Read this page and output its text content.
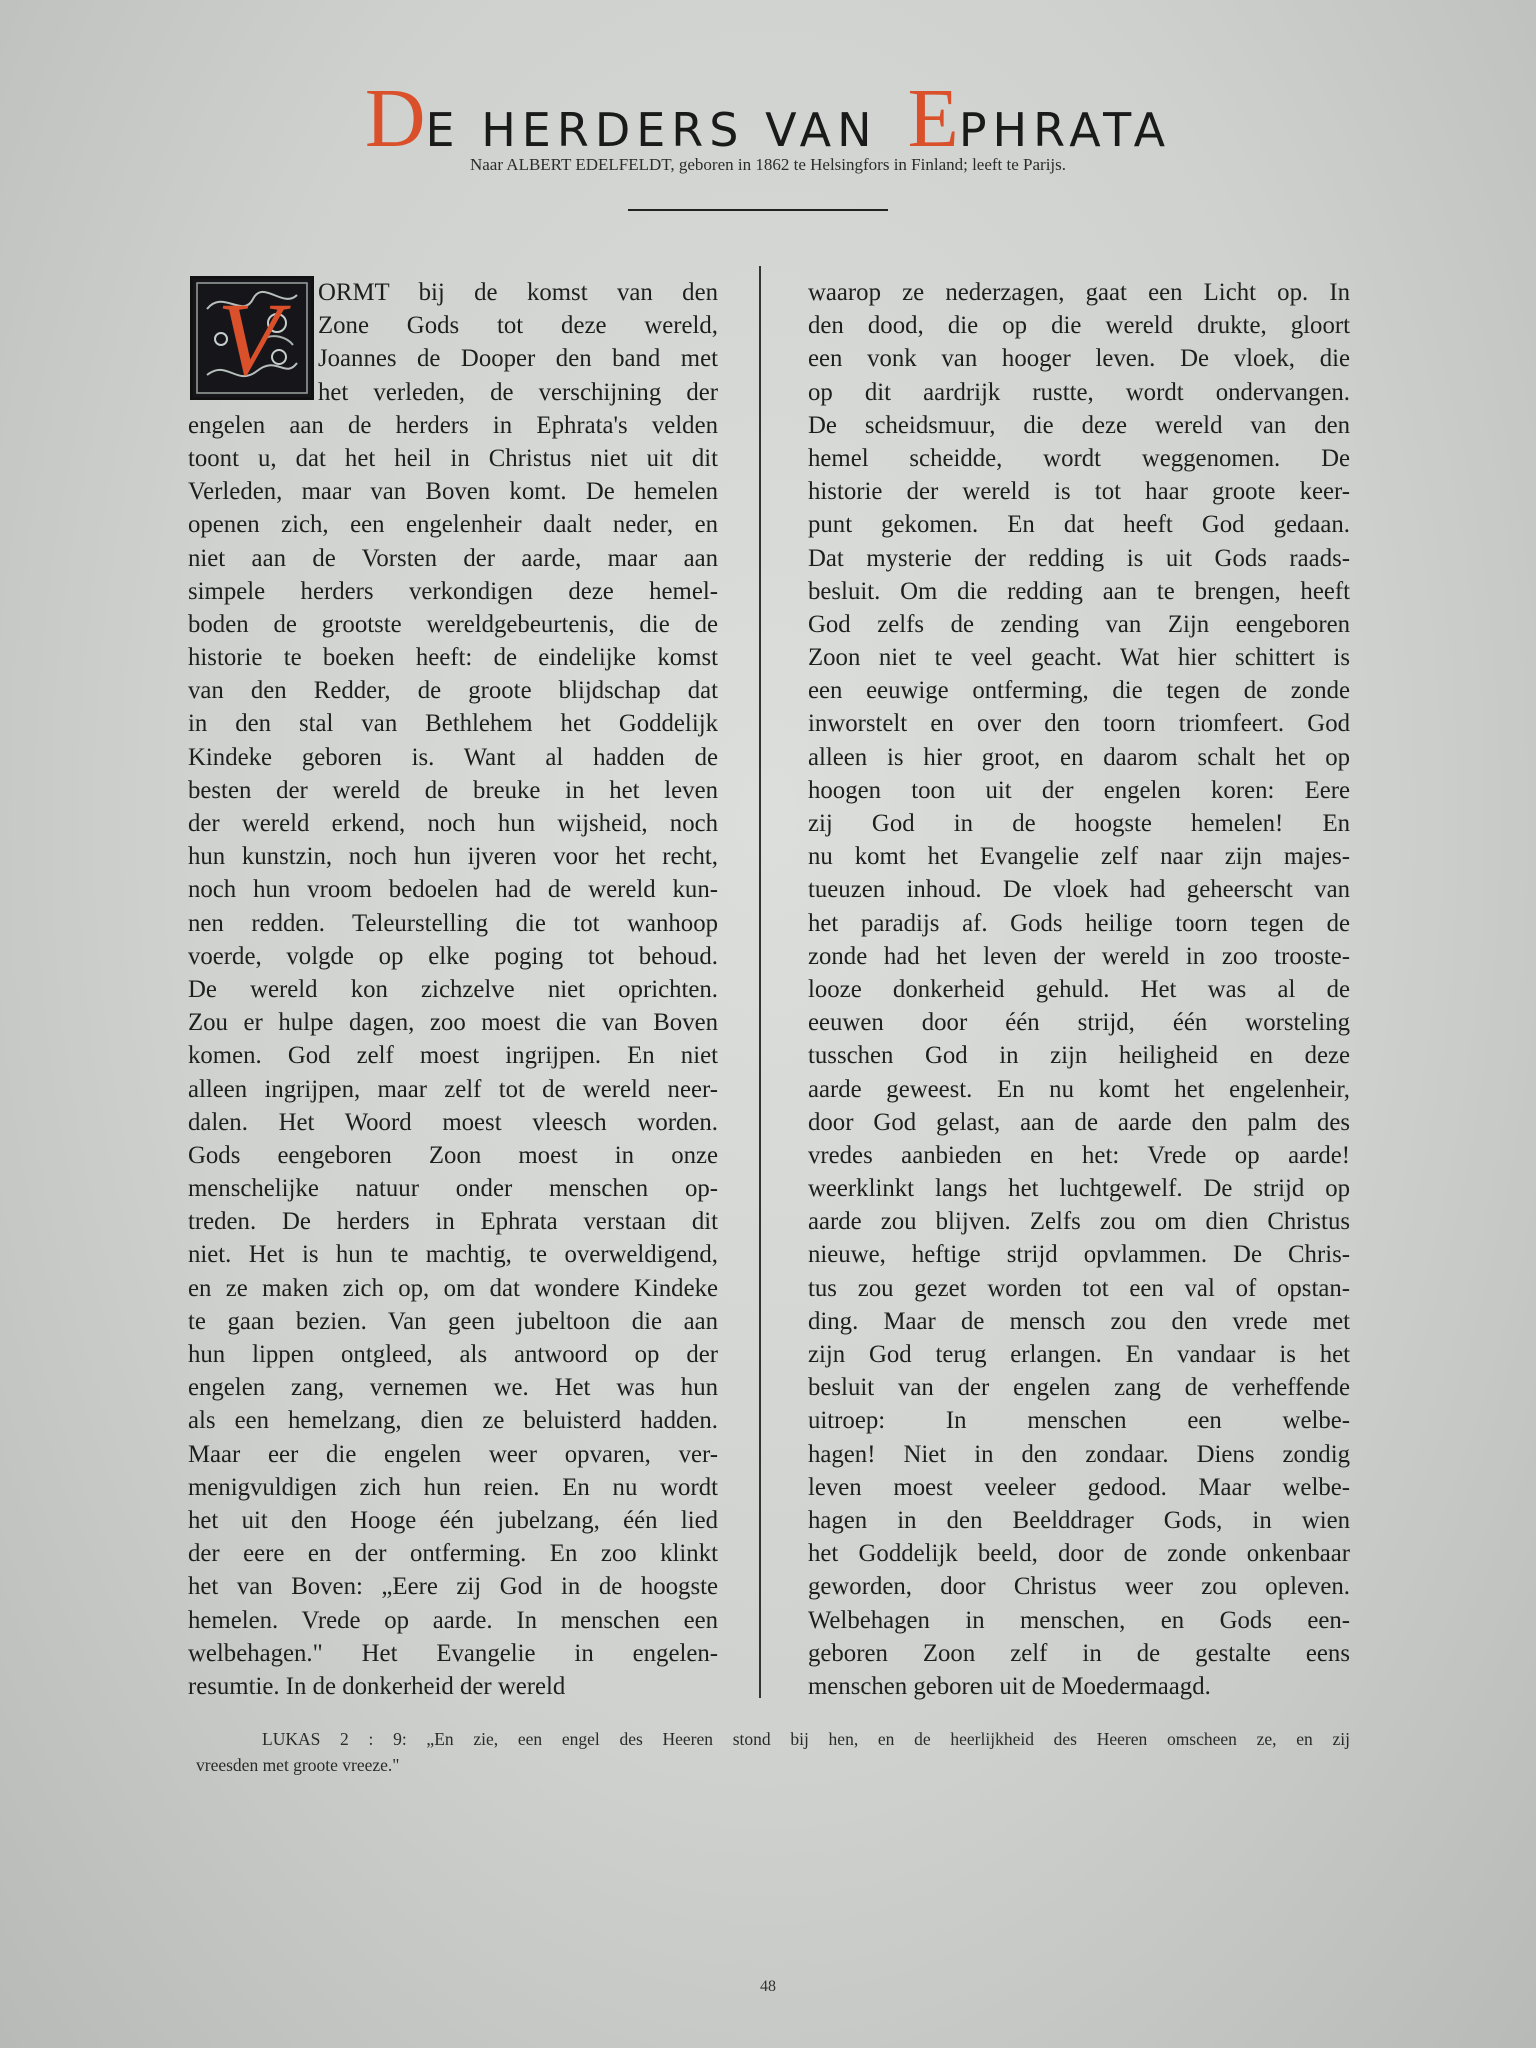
DE HERDERS VAN EPHRATA
Naar ALBERT EDELFELDT, geboren in 1862 te Helsingfors in Finland; leeft te Parijs.
V	ORMT bij de komst van den
Zone Gods tot deze wereld,
Joannes de Dooper den band met
het verleden, de verschijning der
engelen aan de herders in Ephrata's velden
toont u, dat het heil in Christus niet uit dit
Verleden, maar van Boven komt. De hemelen
openen zich, een engelenheir daalt neder, en
niet aan de Vorsten der aarde, maar aan
simpele herders verkondigen deze hemel-
boden de grootste wereldgebeurtenis, die de
historie te boeken heeft: de eindelijke komst
van den Redder, de groote blijdschap dat
in den stal van Bethlehem het Goddelijk
Kindeke geboren is. Want al hadden de
besten der wereld de breuke in het leven
der wereld erkend, noch hun wijsheid, noch
hun kunstzin, noch hun ijveren voor het recht,
noch hun vroom bedoelen had de wereld kun-
nen redden. Teleurstelling die tot wanhoop
voerde, volgde op elke poging tot behoud.
De wereld kon zichzelve niet oprichten.
Zou er hulpe dagen, zoo moest die van Boven
komen. God zelf moest ingrijpen. En niet
alleen ingrijpen, maar zelf tot de wereld neer-
dalen. Het Woord moest vleesch worden.
Gods eengeboren Zoon moest in onze
menschelijke natuur onder menschen op-
treden. De herders in Ephrata verstaan dit
niet. Het is hun te machtig, te overweldigend,
en ze maken zich op, om dat wondere Kindeke
te gaan bezien. Van geen jubeltoon die aan
hun lippen ontgleed, als antwoord op der
engelen zang, vernemen we. Het was hun
als een hemelzang, dien ze beluisterd hadden.
Maar eer die engelen weer opvaren, ver-
menigvuldigen zich hun reien. En nu wordt
het uit den Hooge één jubelzang, één lied
der eere en der ontferming. En zoo klinkt
het van Boven: „Eere zij God in de hoogste
hemelen. Vrede op aarde. In menschen een
welbehagen." Het Evangelie in engelen-
resumtie. In de donkerheid der wereld
waarop ze nederzagen, gaat een Licht op. In
den dood, die op die wereld drukte, gloort
een vonk van hooger leven. De vloek, die
op dit aardrijk rustte, wordt ondervangen.
De scheidsmuur, die deze wereld van den
hemel scheidde, wordt weggenomen. De
historie der wereld is tot haar groote keer-
punt gekomen. En dat heeft God gedaan.
Dat mysterie der redding is uit Gods raads-
besluit. Om die redding aan te brengen, heeft
God zelfs de zending van Zijn eengeboren
Zoon niet te veel geacht. Wat hier schittert is
een eeuwige ontferming, die tegen de zonde
inworstelt en over den toorn triomfeert. God
alleen is hier groot, en daarom schalt het op
hoogen toon uit der engelen koren: Eere
zij God in de hoogste hemelen! En
nu komt het Evangelie zelf naar zijn majes-
tueuzen inhoud. De vloek had geheerscht van
het paradijs af. Gods heilige toorn tegen de
zonde had het leven der wereld in zoo trooste-
looze donkerheid gehuld. Het was al de
eeuwen door één strijd, één worsteling
tusschen God in zijn heiligheid en deze
aarde geweest. En nu komt het engelenheir,
door God gelast, aan de aarde den palm des
vredes aanbieden en het: Vrede op aarde!
weerklinkt langs het luchtgewelf. De strijd op
aarde zou blijven. Zelfs zou om dien Christus
nieuwe, heftige strijd opvlammen. De Chris-
tus zou gezet worden tot een val of opstan-
ding. Maar de mensch zou den vrede met
zijn God terug erlangen. En vandaar is het
besluit van der engelen zang de verheffende
uitroep: In menschen een welbe-
hagen! Niet in den zondaar. Diens zondig
leven moest veeleer gedood. Maar welbe-
hagen in den Beelddrager Gods, in wien
het Goddelijk beeld, door de zonde onkenbaar
geworden, door Christus weer zou opleven.
Welbehagen in menschen, en Gods een-
geboren Zoon zelf in de gestalte eens
menschen geboren uit de Moedermaagd.
LUKAS 2 : 9: „En zie, een engel des Heeren stond bij hen, en de heerlijkheid des Heeren omscheen ze, en zij
vreesden met groote vreeze."
48
